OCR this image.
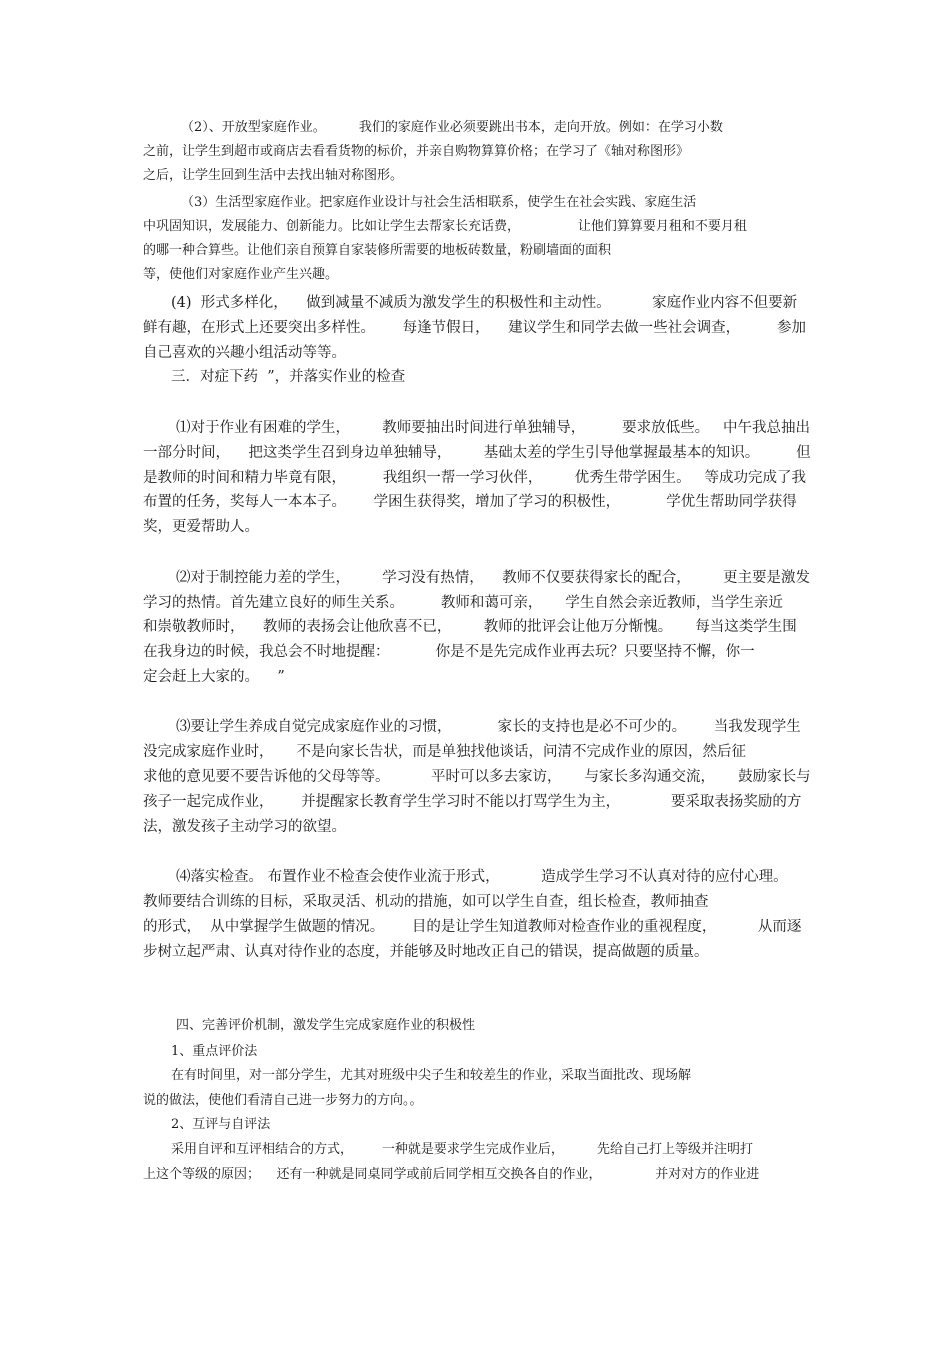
（2）、开放型家庭作业。        我们的家庭作业必须要跳出书本，走向开放。例如：在学习小数
之前，让学生到超市或商店去看看货物的标价，并亲自购物算算价格；在学习了《轴对称图形》
之后，让学生回到生活中去找出轴对称图形。
（3）生活型家庭作业。把家庭作业设计与社会生活相联系，使学生在社会实践、家庭生活
中巩固知识，发展能力、创新能力。比如让学生去帮家长充话费，              让他们算算要月租和不要月租
的哪一种合算些。让他们亲自预算自家装修所需要的地板砖数量，粉刷墙面的面积
等，使他们对家庭作业产生兴趣。
(4)  形式多样化，    做到减量不减质为激发学生的积极性和主动性。         家庭作业内容不但要新
鲜有趣，在形式上还要突出多样性。      每逢节假日，    建议学生和同学去做一些社会调查，        参加
自己喜欢的兴趣小组活动等等。
三．对症下药  ”，并落实作业的检查
⑴对于作业有困难的学生，       教师要抽出时间进行单独辅导，        要求放低些。   中午我总抽出
一部分时间，    把这类学生召到身边单独辅导，       基础太差的学生引导他掌握最基本的知识。        但
是教师的时间和精力毕竟有限，        我组织一帮一学习伙伴，       优秀生带学困生。   等成功完成了我
布置的任务，奖每人一本本子。      学困生获得奖，增加了学习的积极性，          学优生帮助同学获得
奖，更爱帮助人。
⑵对于制控能力差的学生，       学习没有热情，    教师不仅要获得家长的配合，       更主要是激发
学习的热情。首先建立良好的师生关系。        教师和蔼可亲，     学生自然会亲近教师，当学生亲近
和崇敬教师时，    教师的表扬会让他欣喜不已，       教师的批评会让他万分惭愧。     每当这类学生围
在我身边的时候，我总会不时地提醒：          你是不是先完成作业再去玩？只要坚持不懈，你一
定会赶上大家的。    ”
⑶要让学生养成自觉完成家庭作业的习惯，          家长的支持也是必不可少的。      当我发现学生
没完成家庭作业时，     不是向家长告状，而是单独找他谈话，问清不完成作业的原因，然后征
求他的意见要不要告诉他的父母等等。         平时可以多去家访，     与家长多沟通交流，     鼓励家长与
孩子一起完成作业，      并提醒家长教育学生学习时不能以打骂学生为主，           要采取表扬奖励的方
法，激发孩子主动学习的欲望。
⑷落实检查。 布置作业不检查会使作业流于形式，         造成学生学习不认真对待的应付心理。
教师要结合训练的目标，采取灵活、机动的措施，如可以学生自查，组长检查，教师抽查
的形式，  从中掌握学生做题的情况。      目的是让学生知道教师对检查作业的重视程度，         从而逐
步树立起严肃、认真对待作业的态度，并能够及时地改正自己的错误，提高做题的质量。
四、完善评价机制，激发学生完成家庭作业的积极性
1、重点评价法
在有时间里，对一部分学生，尤其对班级中尖子生和较差生的作业，采取当面批改、现场解
说的做法，使他们看清自己进一步努力的方向。。
2、互评与自评法
采用自评和互评相结合的方式，       一种就是要求学生完成作业后，        先给自己打上等级并注明打
上这个等级的原因；    还有一种就是同桌同学或前后同学相互交换各自的作业，             并对对方的作业进
